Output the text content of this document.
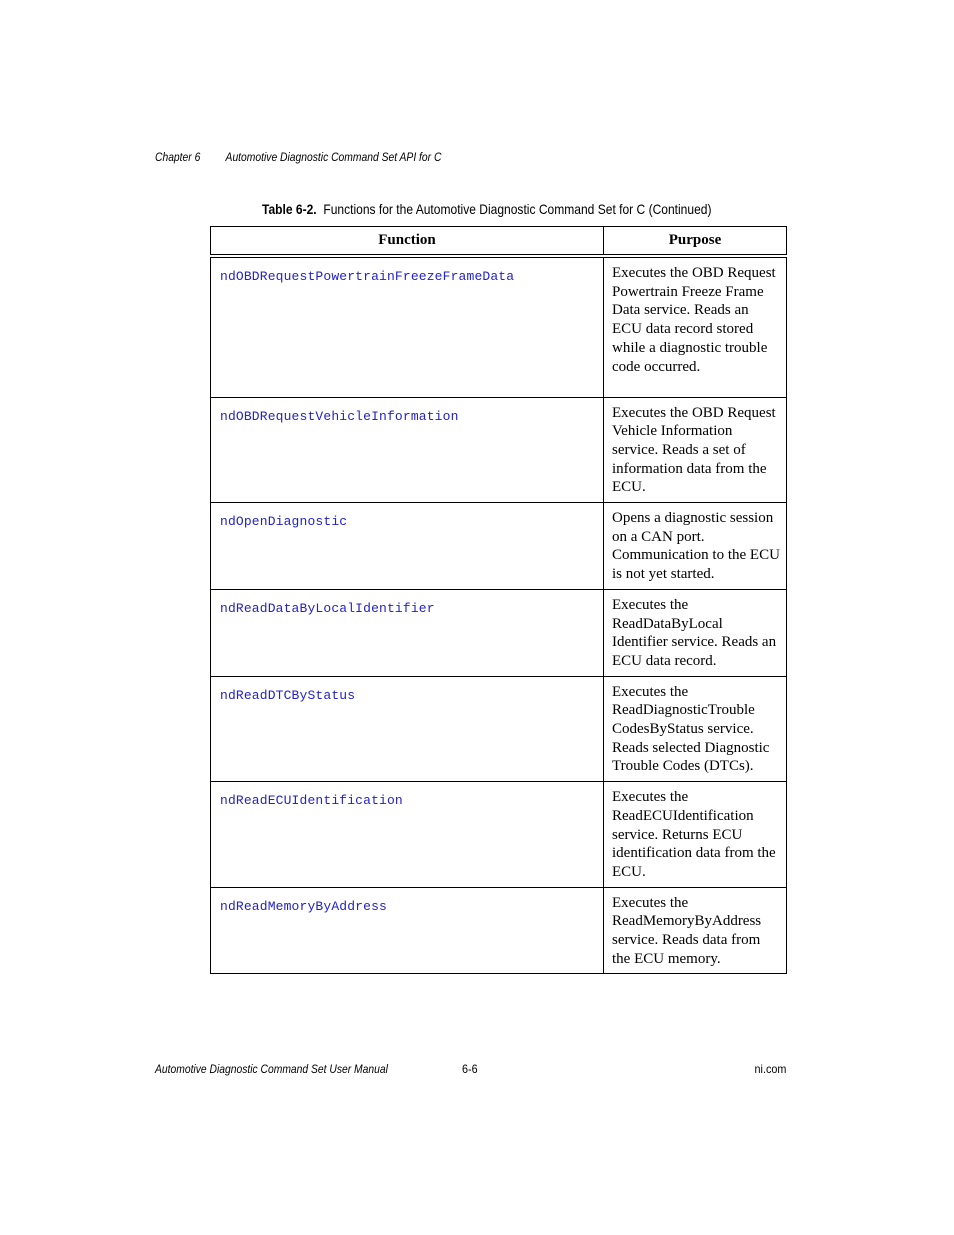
Chapter 6 Automotive Diagnostic Command Set API for C
Table 6-2. Functions for the Automotive Diagnostic Command Set for C (Continued)
Function	Purpose
ndOBDRequestPowertrainFreezeFrameData	Executes the OBD Request Powertrain Freeze Frame Data service. Reads an ECU data record stored while a diagnostic trouble code occurred.
ndOBDRequestVehicleInformation	Executes the OBD Request Vehicle Information service. Reads a set of information data from the ECU.
ndOpenDiagnostic	Opens a diagnostic session on a CAN port. Communication to the ECU is not yet started.
ndReadDataByLocalIdentifier	Executes the ReadDataByLocal Identifier service. Reads an ECU data record.
ndReadDTCByStatus	Executes the ReadDiagnosticTrouble CodesByStatus service. Reads selected Diagnostic Trouble Codes (DTCs).
ndReadECUIdentification	Executes the ReadECUIdentification service. Returns ECU identification data from the ECU.
ndReadMemoryByAddress	Executes the ReadMemoryByAddress service. Reads data from the ECU memory.
Automotive Diagnostic Command Set User Manual	6-6	ni.com
